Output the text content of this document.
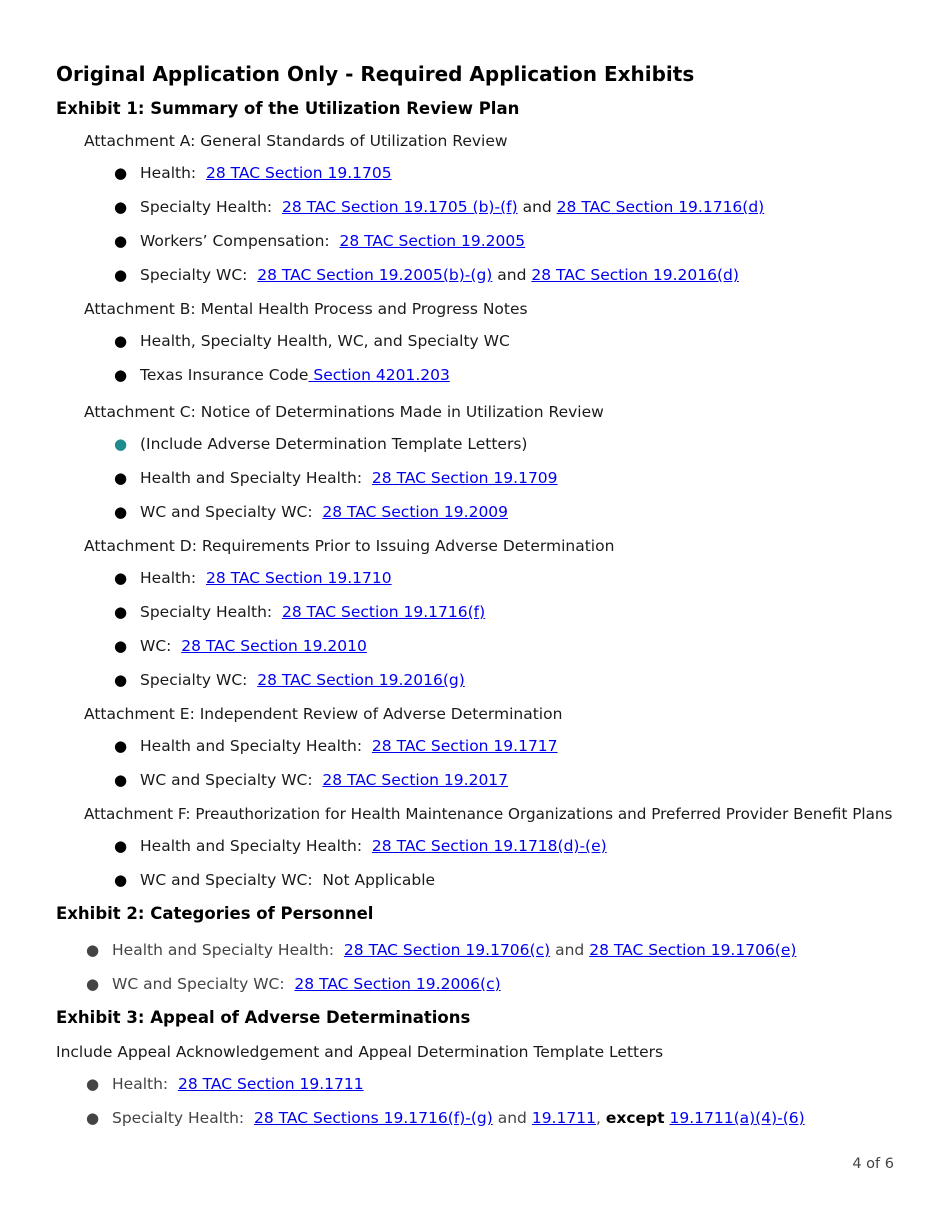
Original Application Only - Required Application Exhibits
Exhibit 1: Summary of the Utilization Review Plan

Attachment A: General Standards of Utilization Review

● Health: 28 TAC Section 19.1705
● Specialty Health: 28 TAC Section 19.1705 (b)-(f) and 28 TAC Section 19.1716(d)
● Workers’ Compensation: 28 TAC Section 19.2005
● Specialty WC: 28 TAC Section 19.2005(b)-(g) and 28 TAC Section 19.2016(d)

Attachment B: Mental Health Process and Progress Notes

● Health, Specialty Health, WC, and Specialty WC
● Texas Insurance Code Section 4201.203

Attachment C: Notice of Determinations Made in Utilization Review

● (Include Adverse Determination Template Letters)
● Health and Specialty Health: 28 TAC Section 19.1709
● WC and Specialty WC: 28 TAC Section 19.2009

Attachment D: Requirements Prior to Issuing Adverse Determination

● Health: 28 TAC Section 19.1710
● Specialty Health: 28 TAC Section 19.1716(f)
● WC: 28 TAC Section 19.2010
● Specialty WC: 28 TAC Section 19.2016(g)

Attachment E: Independent Review of Adverse Determination

● Health and Specialty Health: 28 TAC Section 19.1717
● WC and Specialty WC: 28 TAC Section 19.2017

Attachment F: Preauthorization for Health Maintenance Organizations and Preferred Provider Benefit Plans

● Health and Specialty Health: 28 TAC Section 19.1718(d)-(e)
● WC and Specialty WC:  Not Applicable
Exhibit 2: Categories of Personnel
● Health and Specialty Health: 28 TAC Section 19.1706(c) and 28 TAC Section 19.1706(e)
● WC and Specialty WC: 28 TAC Section 19.2006(c)
Exhibit 3: Appeal of Adverse Determinations

Include Appeal Acknowledgement and Appeal Determination Template Letters

● Health: 28 TAC Section 19.1711
● Specialty Health: 28 TAC Sections 19.1716(f)-(g) and 19.1711, except 19.1711(a)(4)-(6)
4 of 6
